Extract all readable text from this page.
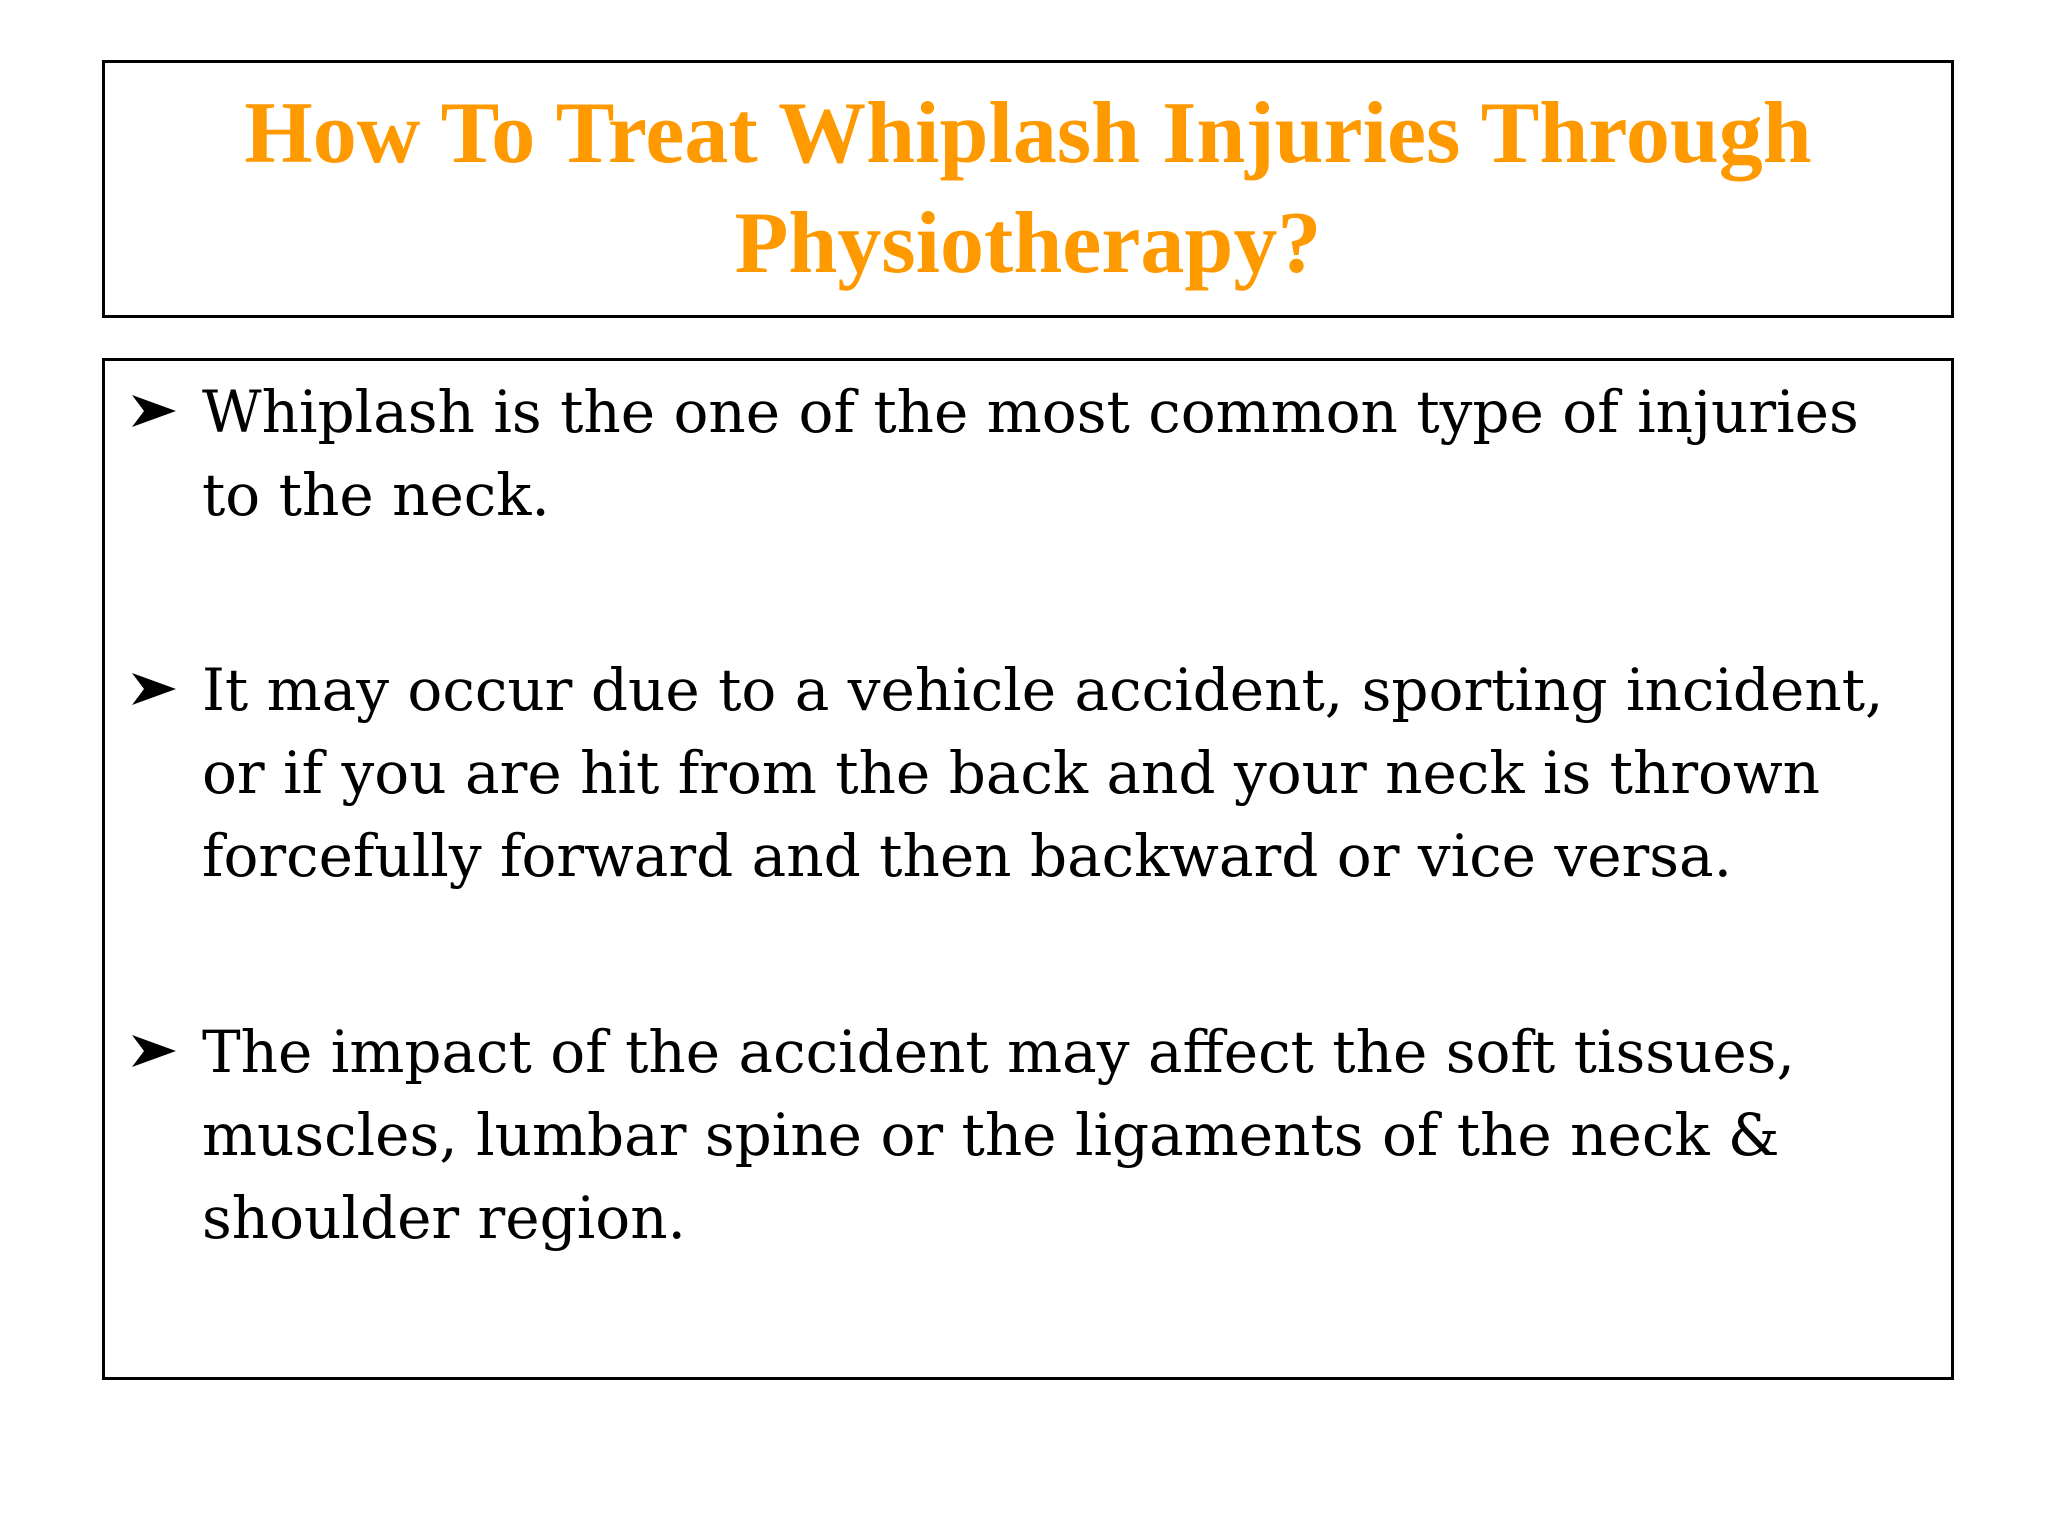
How To Treat Whiplash Injuries Through Physiotherapy?

Whiplash is the one of the most common type of injuries to the neck.

It may occur due to a vehicle accident, sporting incident, or if you are hit from the back and your neck is thrown forcefully forward and then backward or vice versa.

The impact of the accident may affect the soft tissues, muscles, lumbar spine or the ligaments of the neck & shoulder region.
